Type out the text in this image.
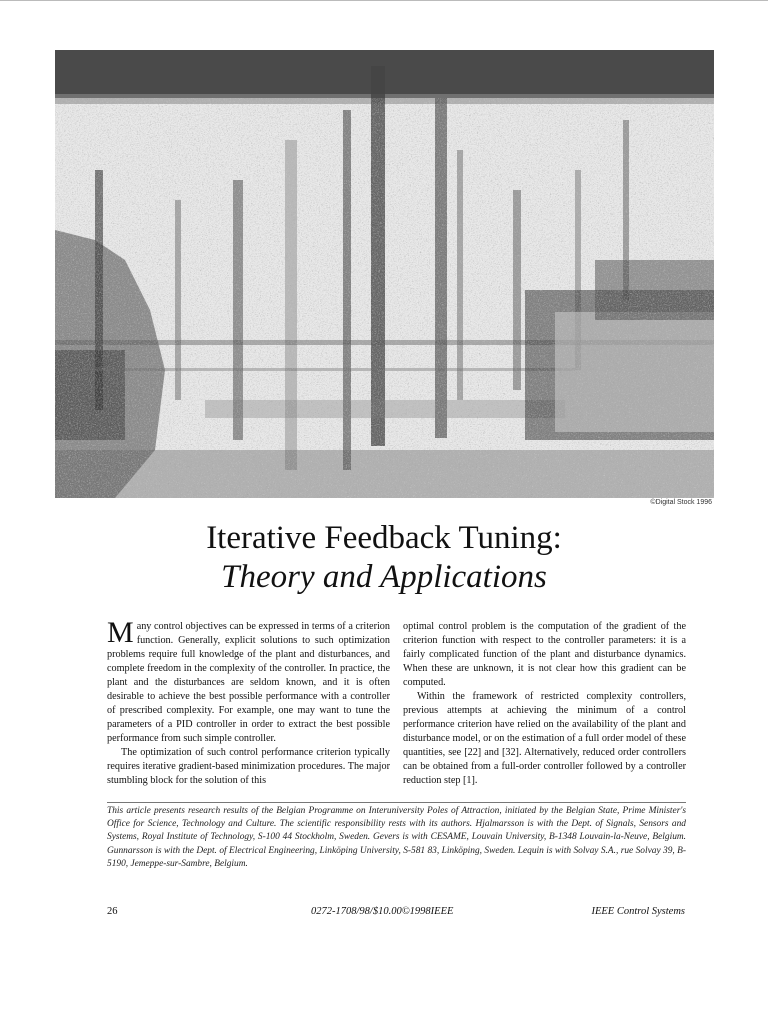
©Digital Stock 1996
Iterative Feedback Tuning:
Theory and Applications

Many control objectives can be expressed in terms of a criterion function. Generally, explicit solutions to such optimization problems require full knowledge of the plant and disturbances, and complete freedom in the complexity of the controller. In practice, the plant and the disturbances are seldom known, and it is often desirable to achieve the best possible performance with a controller of prescribed complexity. For example, one may want to tune the parameters of a PID controller in order to extract the best possible performance from such simple controller.

The optimization of such control performance criterion typically requires iterative gradient-based minimization procedures. The major stumbling block for the solution of this

optimal control problem is the computation of the gradient of the criterion function with respect to the controller parameters: it is a fairly complicated function of the plant and disturbance dynamics. When these are unknown, it is not clear how this gradient can be computed.

Within the framework of restricted complexity controllers, previous attempts at achieving the minimum of a control performance criterion have relied on the availability of the plant and disturbance model, or on the estimation of a full order model of these quantities, see [22] and [32]. Alternatively, reduced order controllers can be obtained from a full-order controller followed by a controller reduction step [1].

This article presents research results of the Belgian Programme on Interuniversity Poles of Attraction, initiated by the Belgian State, Prime Minister's Office for Science, Technology and Culture. The scientific responsibility rests with its authors. Hjalmarsson is with the Dept. of Signals, Sensors and Systems, Royal Institute of Technology, S-100 44 Stockholm, Sweden. Gevers is with CESAME, Louvain University, B-1348 Louvain-la-Neuve, Belgium. Gunnarsson is with the Dept. of Electrical Engineering, Linköping University, S-581 83, Linköping, Sweden. Lequin is with Solvay S.A., rue Solvay 39, B-5190, Jemeppe-sur-Sambre, Belgium.
26	0272-1708/98/$10.00©1998IEEE	IEEE Control Systems
